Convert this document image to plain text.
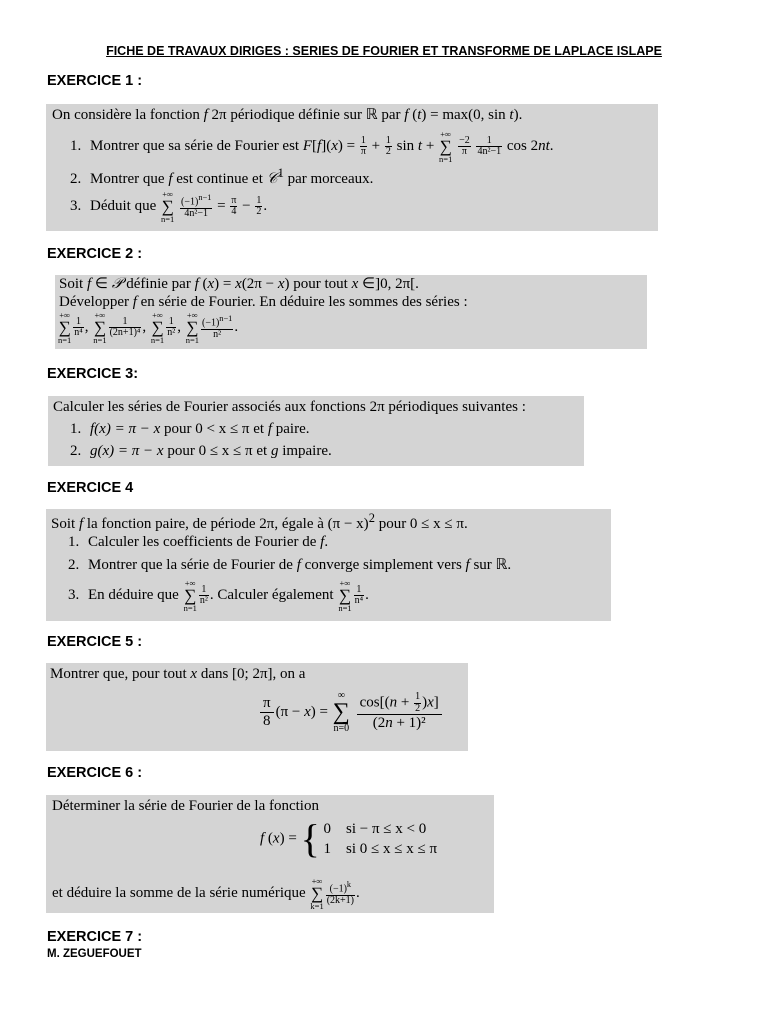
FICHE DE TRAVAUX DIRIGES : SERIES DE FOURIER ET TRANSFORME DE LAPLACE ISLAPE
EXERCICE 1 :
On considère la fonction f 2π périodique définie sur ℝ par f (t) = max(0, sin t).
1. Montrer que sa série de Fourier est $F[f](x) = \frac{1}{\pi} + \frac{1}{2}$ sin t +
+∞
∑
n=1

$\frac{-2}{\pi}$
$\frac{1}{\text{4n²−1}}$ cos 2nt.
2. Montrer que f est continue et 𝒞$^1$ par morceaux.
3. Déduit que
+∞
∑
n=1
$\frac{(-1)^{n-1}}{\text{4n²−1}} = \frac{\pi}{4} - \frac{1}{2}$ .
EXERCICE 2 :
Soit f ∈ 𝒫 définie par f (x) = x(2π − x) pour tout x ∈]0, 2π[.
Développer f en série de Fourier. En déduire les sommes des séries :
+∞
∑
n=1
$\frac{1}{\text{n⁴}}$ ,
+∞
∑
n=1
$\frac{1}{\text{(2n+1)⁴}}$ ,
+∞
∑
n=1
$\frac{1}{\text{n²}}$ ,
+∞
∑
$n=1 \frac{(-1)^{n-1}}{\text{n²}}$ .
EXERCICE 3:
Calculer les séries de Fourier associés aux fonctions 2π périodiques suivantes :
1. f(x) = π − x pour 0 < x ≤ π et f paire.
2. g(x) = π − x pour 0 ≤ x ≤ π et g impaire.
EXERCICE 4
Soit f la fonction paire, de période 2π, égale à $(\pi - x)^2$ pour 0 ≤ x ≤ π.
1. Calculer les coefficients de Fourier de f.
2. Montrer que la série de Fourier de f converge simplement vers f sur ℝ.
3. En déduire que
+∞
∑
n=1
$\frac{1}{\text{n²}}$ . Calculer également
+∞
∑
n=1
$\frac{1}{\text{n⁴}}$ .
EXERCICE 5 :
Montrer que, pour tout x dans [0; 2π], on a
$\frac{\pi}{8} (\pi - x)$ =
∞
∑
n=0
$\frac{\cos[(n + \frac{1}{2} )x]}{\text{(2n + 1)²}}$
EXERCICE 6 :
Déterminer la série de Fourier de la fonction
f (x) = { 0    si − π ≤ x < 0
1    si 0 ≤ x ≤ x ≤ π
et déduire la somme de la série numérique
+∞
∑
$k=1 \frac{(-1)^k}{(2k+1)}$ .
EXERCICE 7 :
M. ZEGUEFOUET
